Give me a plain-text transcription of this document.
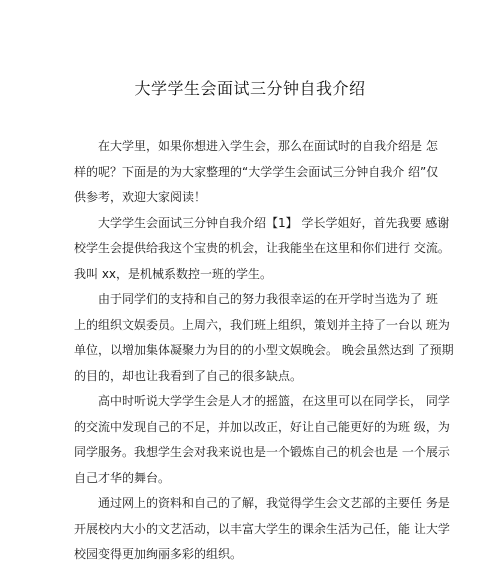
大学学生会面试三分钟自我介绍

在大学里，如果你想进入学生会，那么在面试时的自我介绍是 怎
样的呢？下面是的为大家整理的“大学学生会面试三分钟自我介 绍”仅
供参考，欢迎大家阅读！

大学学生会面试三分钟自我介绍【1】 学长学姐好，首先我要 感谢
校学生会提供给我这个宝贵的机会，让我能坐在这里和你们进行 交流。
我叫 xx，是机械系数控一班的学生。

由于同学们的支持和自己的努力我很幸运的在开学时当选为了 班
上的组织文娱委员。上周六，我们班上组织，策划并主持了一台以 班为
单位，以增加集体凝聚力为目的的小型文娱晚会。 晚会虽然达到 了预期
的目的，却也让我看到了自己的很多缺点。

高中时听说大学学生会是人才的摇篮，在这里可以在同学长， 同学
的交流中发现自己的不足，并加以改正，好让自己能更好的为班 级，为
同学服务。我想学生会对我来说也是一个锻炼自己的机会也是 一个展示
自己才华的舞台。

通过网上的资料和自己的了解，我觉得学生会文艺部的主要任 务是
开展校内大小的文艺活动，以丰富大学生的课余生活为己任，能 让大学
校园变得更加绚丽多彩的组织。
